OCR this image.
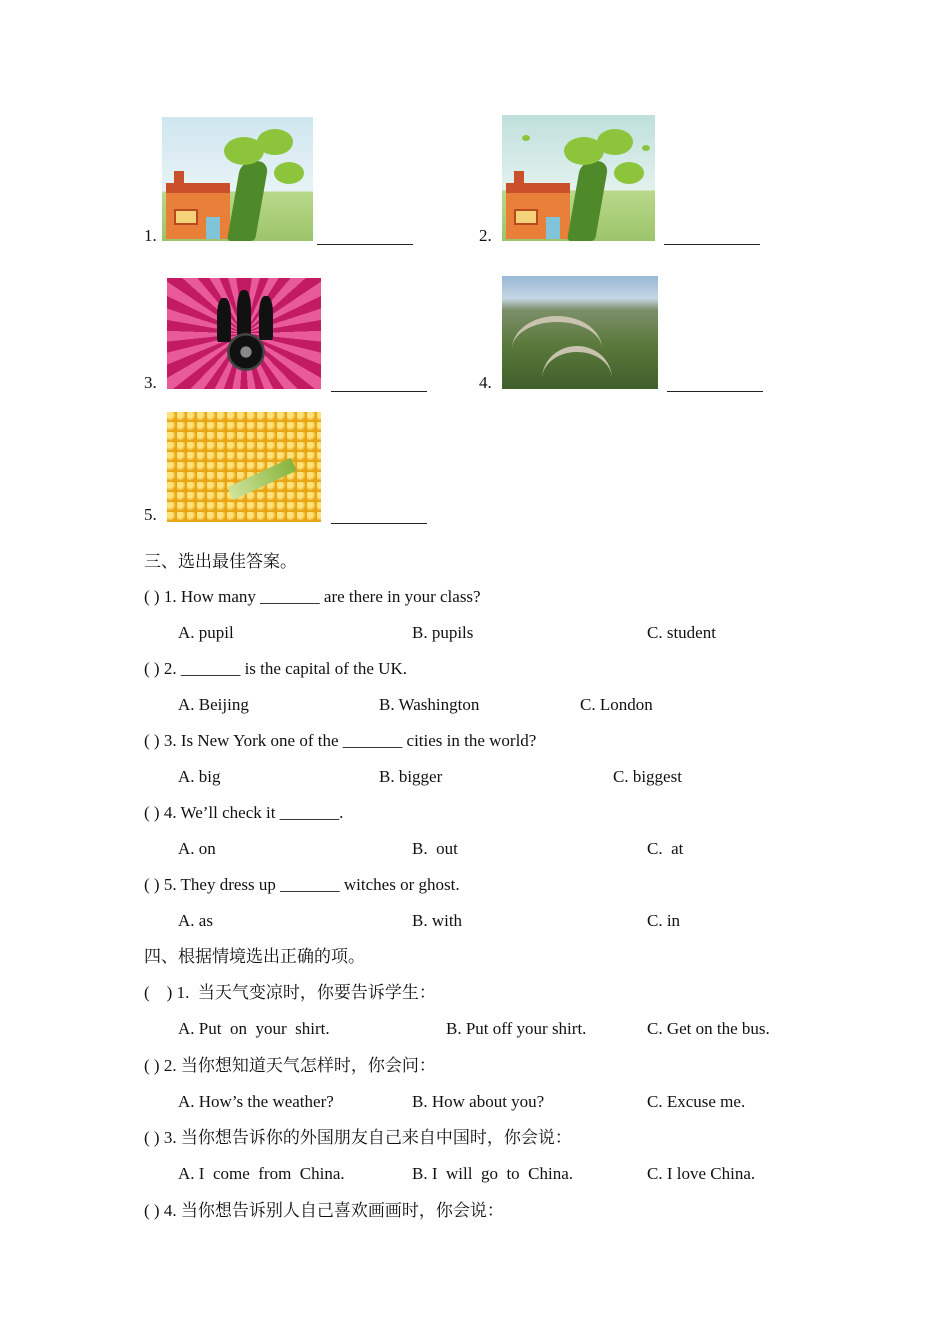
1.	2.
3.	4.
5.
三、选出最佳答案。
( ) 1. How many _______ are there in your class?
A. pupil	B. pupils	C. student
( ) 2. _______ is the capital of the UK.
A. Beijing	B. Washington	C. London
( ) 3. Is New York one of the _______ cities in the world?
A. big	B. bigger	C. biggest
( ) 4. We’ll check it _______.
A. on	B.  out	C.  at
( ) 5. They dress up _______ witches or ghost.
A. as	B. with	C. in
四、根据情境选出正确的项。
(    ) 1.  当天气变凉时，你要告诉学生：
A. Put  on  your  shirt.	B. Put off your shirt.	C. Get on the bus.
( ) 2. 当你想知道天气怎样时，你会问：
A. How’s the weather?	B. How about you?	C. Excuse me.
( ) 3. 当你想告诉你的外国朋友自己来自中国时，你会说：
A. I  come  from  China.	B. I  will  go  to  China.	C. I love China.
( ) 4. 当你想告诉别人自己喜欢画画时，你会说：
